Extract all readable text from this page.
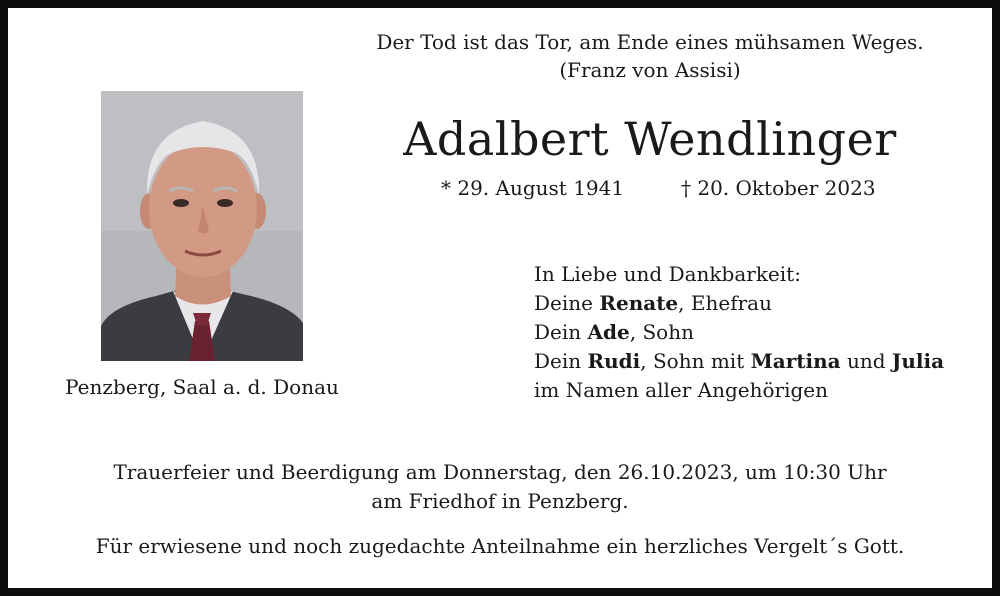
Der Tod ist das Tor, am Ende eines mühsamen Weges.
(Franz von Assisi)
Adalbert Wendlinger
* 29. August 1941	† 20. Oktober 2023
Penzberg, Saal a. d. Donau
In Liebe und Dankbarkeit:
Deine Renate, Ehefrau
Dein Ade, Sohn
Dein Rudi, Sohn mit Martina und Julia
im Namen aller Angehörigen
Trauerfeier und Beerdigung am Donnerstag, den 26.10.2023, um 10:30 Uhr
am Friedhof in Penzberg.
Für erwiesene und noch zugedachte Anteilnahme ein herzliches Vergelt´s Gott.
